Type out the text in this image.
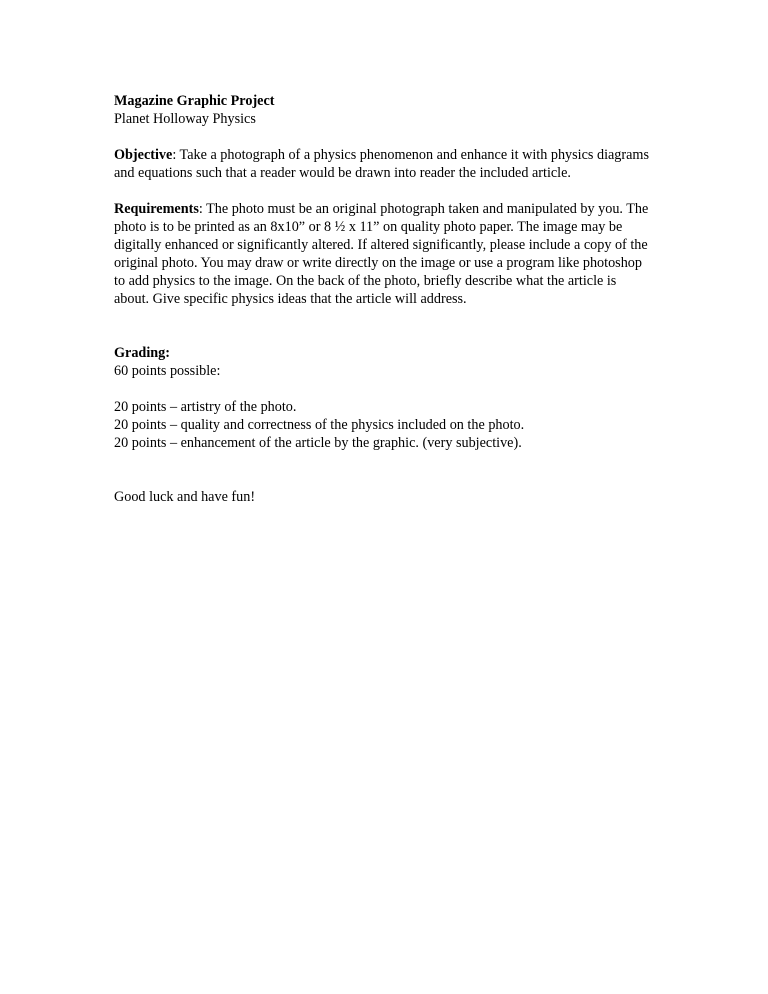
Magazine Graphic Project

Planet Holloway Physics

Objective: Take a photograph of a physics phenomenon and enhance it with physics diagrams and equations such that a reader would be drawn into reader the included article.

Requirements: The photo must be an original photograph taken and manipulated by you. The photo is to be printed as an 8x10” or 8 ½ x 11” on quality photo paper. The image may be digitally enhanced or significantly altered. If altered significantly, please include a copy of the original photo. You may draw or write directly on the image or use a program like photoshop to add physics to the image. On the back of the photo, briefly describe what the article is about. Give specific physics ideas that the article will address.

Grading:

60 points possible:

20 points – artistry of the photo.

20 points – quality and correctness of the physics included on the photo.

20 points – enhancement of the article by the graphic. (very subjective).

Good luck and have fun!
